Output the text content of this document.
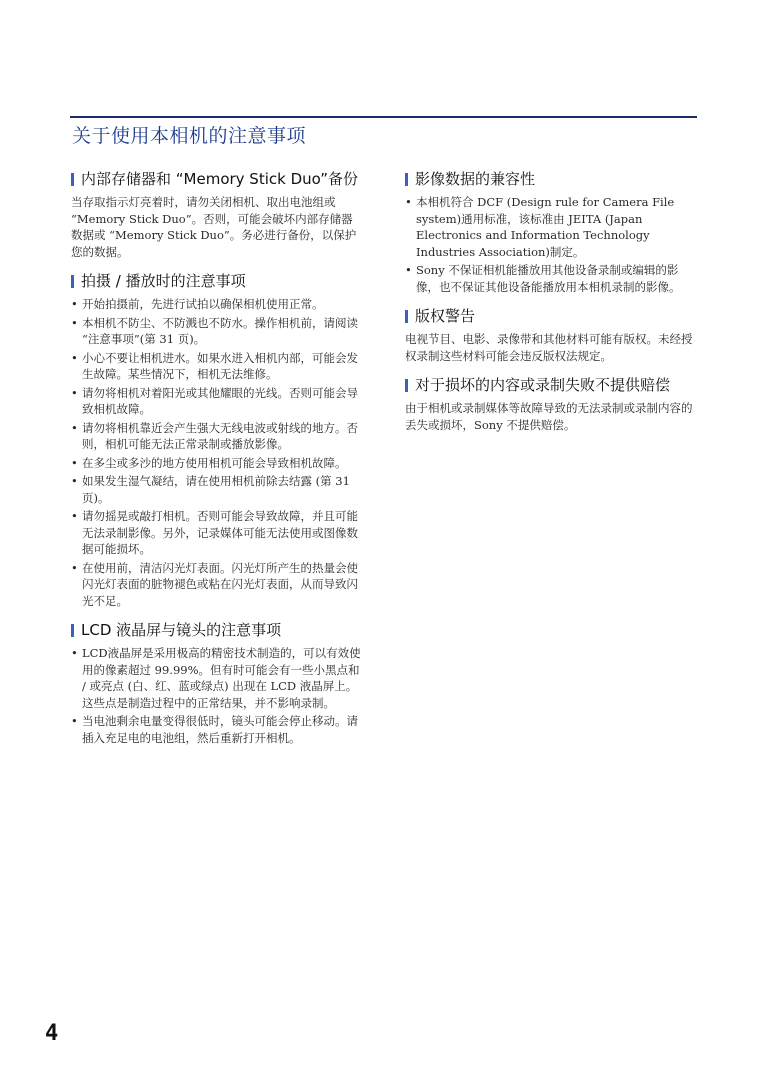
关于使用本相机的注意事项
内部存储器和 “Memory Stick Duo”备份

当存取指示灯亮着时，请勿关闭相机、取出电池组或 “Memory Stick Duo”。否则，可能会破坏内部存储器数据或 “Memory Stick Duo”。务必进行备份，以保护您的数据。

拍摄 / 播放时的注意事项
• 开始拍摄前，先进行试拍以确保相机使用正常。
• 本相机不防尘、不防溅也不防水。操作相机前，请阅读 “注意事项”(第 31 页)。
• 小心不要让相机进水。如果水进入相机内部，可能会发生故障。某些情况下，相机无法维修。
• 请勿将相机对着阳光或其他耀眼的光线。否则可能会导致相机故障。
• 请勿将相机靠近会产生强大无线电波或射线的地方。否则，相机可能无法正常录制或播放影像。
• 在多尘或多沙的地方使用相机可能会导致相机故障。
• 如果发生湿气凝结，请在使用相机前除去结露 (第 31 页)。
• 请勿摇晃或敲打相机。否则可能会导致故障，并且可能无法录制影像。另外，记录媒体可能无法使用或图像数据可能损坏。
• 在使用前，清洁闪光灯表面。闪光灯所产生的热量会使闪光灯表面的脏物褪色或粘在闪光灯表面，从而导致闪光不足。
LCD 液晶屏与镜头的注意事项
• LCD液晶屏是采用极高的精密技术制造的，可以有效使用的像素超过 99.99%。但有时可能会有一些小黑点和 / 或亮点 (白、红、蓝或绿点) 出现在 LCD 液晶屏上。这些点是制造过程中的正常结果，并不影响录制。
• 当电池剩余电量变得很低时，镜头可能会停止移动。请插入充足电的电池组，然后重新打开相机。
影像数据的兼容性
• 本相机符合 DCF (Design rule for Camera File system)通用标准，该标准由 JEITA (Japan Electronics and Information Technology Industries Association)制定。
• Sony 不保证相机能播放用其他设备录制或编辑的影像，也不保证其他设备能播放用本相机录制的影像。
版权警告

电视节目、电影、录像带和其他材料可能有版权。未经授权录制这些材料可能会违反版权法规定。

对于损坏的内容或录制失败不提供赔偿

由于相机或录制媒体等故障导致的无法录制或录制内容的丢失或损坏，Sony 不提供赔偿。

4
